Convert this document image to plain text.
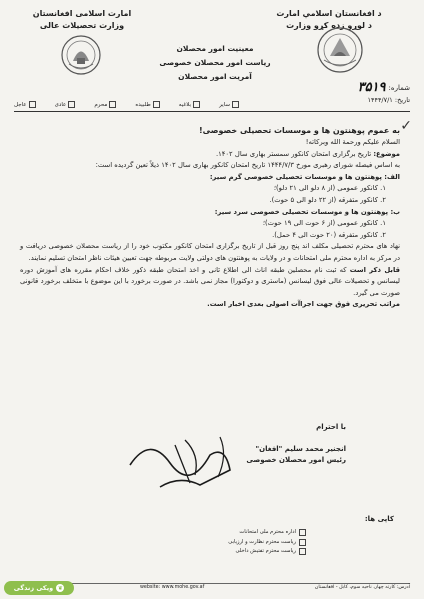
امارت اسلامی افغانستان
وزارت تحصیلات عالی
د افغانستان اسلامي امارت
د لوړو زده کړو وزارت
معینیت امور محصلان
ریاست امور محصلان خصوصی
آمریت امور محصلان
شماره:
۳۵۱۹
تاریخ: ۱۴۴۴/۷/۱
عاجل	عادی	محرم	طلبیده	بلاغیه	سایر
✓

به عموم پوهنتون ها و موسسات تحصیلی خصوصی!

السلام علیکم ورحمة الله وبرکاته!

موضوع: تاریخ برگزاری امتحان کانکور سمستر بهاری سال ۱۴۰۲.

به اساس فیصله شورای رهبری مورخ ۱۴۴۴/۷/۳ تاریخ امتحان کانکور بهاری سال ۱۴۰۲ ذیلاً تعین گردیده است:

الف: پوهنتون ها و موسسات تحصیلی خصوصی گرم سیر:

۱. کانکور عمومی (از ۸ دلو الی ۲۱ دلو)؛

۲. کانکور متفرقه (از ۲۲ دلو الی ۵ حوت).

ب: پوهنتون ها و موسسات تحصیلی خصوصی سرد سیر:

۱. کانکور عمومی (از ۶ حوت الی ۱۹ حوت)؛

۲. کانکور متفرقه (۲۰ حوت الی ۴ حمل).

نهاد های محترم تحصیلی مکلف اند پنج روز قبل از تاریخ برگزاری امتحان کانکور مکتوب خود را از ریاست محصلان خصوصی دریافت و در مرکز به اداره محترم ملی امتحانات و در ولایات به پوهنتون های دولتی ولایت مربوطه جهت تعیین هیئات ناظر امتحان تسلیم نمایند.

قابل ذکر است که ثبت نام محصلین طبقه اناث الی اطلاع ثانی و اخذ امتحان طبقه ذکور خلاف احکام مقرره های آموزش دوره لیسانس و تحصیلات عالی فوق لیسانس (ماستری و دوکتورا) مجاز نمی باشد. در صورت برخورد با این موضوع با متخلف برخورد قانونی صورت می گیرد.

مراتب تحریری فوق جهت اجراآت اصولی بعدی اخبار است.

با احترام
انجنیر محمد سلیم "افغان"
رئیس امور محصلان خصوصی
کاپی ها:
اداره محترم ملی امتحانات
ریاست محترم نظارت و ارزیابی
ریاست محترم تفتیش داخلی
آدرس: کارته چهار، ناحیه سوم، کابل - افغانستان
website: www.mohe.gov.af
❦
ویکی زندگی
